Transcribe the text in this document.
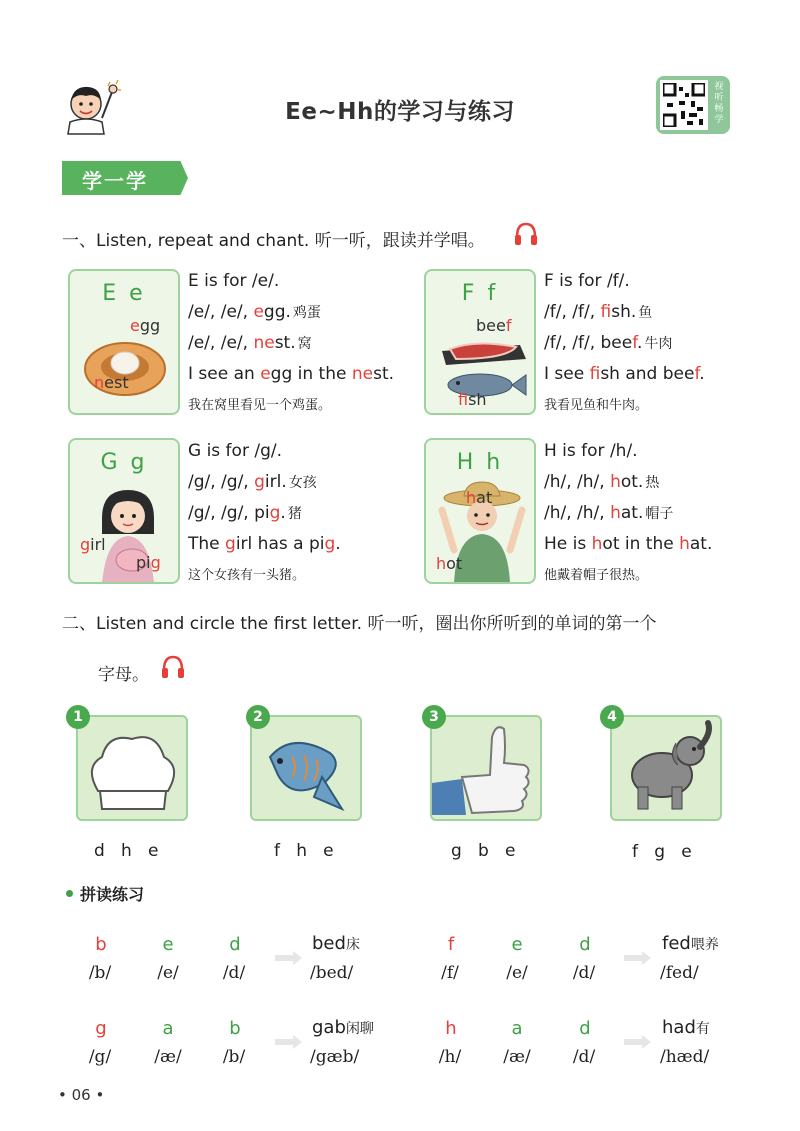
Ee~Hh的学习与练习
视听畅学
学一学
一、Listen, repeat and chant. 听一听，跟读并学唱。
E e
egg
nest
E is for /e/.
/e/, /e/, egg. 鸡蛋
/e/, /e/, nest. 窝
I see an egg in the nest.
我在窝里看见一个鸡蛋。
F f
beef
fish
F is for /f/.
/f/, /f/, fish. 鱼
/f/, /f/, beef. 牛肉
I see fish and beef.
我看见鱼和牛肉。
G g
girl
pig
G is for /g/.
/g/, /g/, girl. 女孩
/g/, /g/, pig. 猪
The girl has a pig.
这个女孩有一头猪。
H h
hat
hot
H is for /h/.
/h/, /h/, hot. 热
/h/, /h/, hat. 帽子
He is hot in the hat.
他戴着帽子很热。
二、Listen and circle the first letter. 听一听，圈出你所听到的单词的第一个
字母。
1
d   h   e
2
f   h   e
3
g   b   e
4
f   g   e
拼读练习
b	e	d
/b/	/e/	/d/
bed床
/bed/
f	e	d
/f/	/e/	/d/
fed喂养
/fed/
g	a	b
/g/	/æ/	/b/
gab闲聊
/gæb/
h	a	d
/h/	/æ/	/d/
had有
/hæd/
• 06 •
